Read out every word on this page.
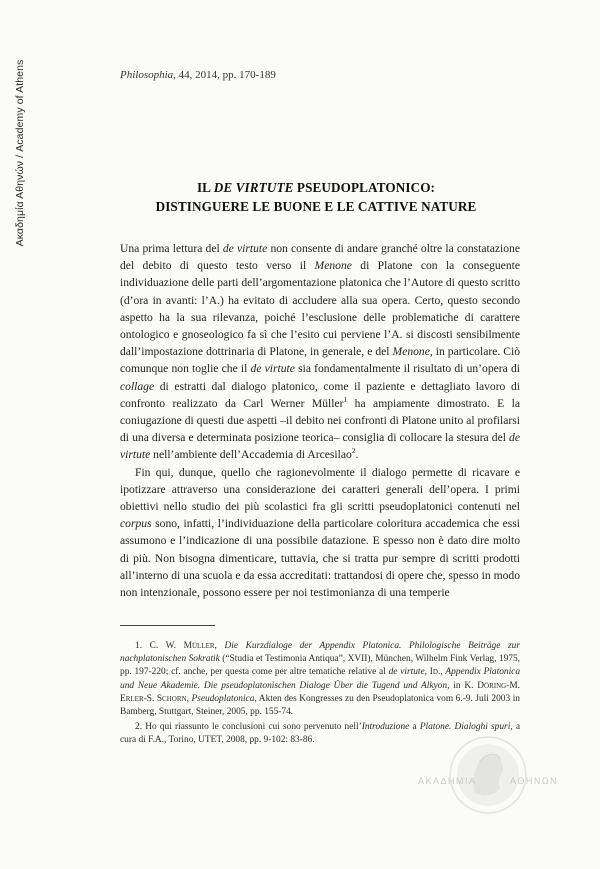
Ακαδημία Αθηνών / Academy of Athens	Philosophia, 44, 2014, pp. 170-189
IL DE VIRTUTE PSEUDOPLATONICO:
DISTINGUERE LE BUONE E LE CATTIVE NATURE

Una prima lettura del de virtute non consente di andare granché oltre la constatazione del debito di questo testo verso il Menone di Platone con la conseguente individuazione delle parti dell’argomentazione platonica che l’Autore di questo scritto (d’ora in avanti: l’A.) ha evitato di accludere alla sua opera. Certo, questo secondo aspetto ha la sua rilevanza, poiché l’esclusione delle problematiche di carattere ontologico e gnoseologico fa sì che l’esito cui perviene l’A. si discosti sensibilmente dall’impostazione dottrinaria di Platone, in generale, e del Menone, in particolare. Ciò comunque non toglie che il de virtute sia fondamentalmente il risultato di un’opera di collage di estratti dal dialogo platonico, come il paziente e dettagliato lavoro di confronto realizzato da Carl Werner Müller$^1$ ha ampiamente dimostrato. E la coniugazione di questi due aspetti –il debito nei confronti di Platone unito al profilarsi di una diversa e determinata posizione teorica– consiglia di collocare la stesura del de virtute nell’ambiente dell’Accademia di Arcesilao$^2$.

Fin qui, dunque, quello che ragionevolmente il dialogo permette di ricavare e ipotizzare attraverso una considerazione dei caratteri generali dell’opera. I primi obiettivi nello studio dei più scolastici fra gli scritti pseudoplatonici contenuti nel corpus sono, infatti, l’individuazione della particolare coloritura accademica che essi assumono e l’indicazione di una possibile datazione. E spesso non è dato dire molto di più. Non bisogna dimenticare, tuttavia, che si tratta pur sempre di scritti prodotti all’interno di una scuola e da essa accreditati: trattandosi di opere che, spesso in modo non intenzionale, possono essere per noi testimonianza di una temperie

1. C. W. Müller, Die Kurzdialoge der Appendix Platonica. Philologische Beiträge zur nachplatonischen Sokratik (“Studia et Testimonia Antiqua”, XVII), München, Wilhelm Fink Verlag, 1975, pp. 197-220; cf. anche, per questa come per altre tematiche relative al de virtute, Id., Appendix Platonica und Neue Akademie. Die pseudoplatonischen Dialoge Über die Tugend und Alkyon, in K. Döring-M. Erler-S. Schorn, Pseudoplatonica, Akten des Kongresses zu den Pseudoplatonica vom 6.-9. Juli 2003 in Bamberg, Stuttgart, Steiner, 2005, pp. 155-74.

2. Ho qui riassunto le conclusioni cui sono pervenuto nell’Introduzione a Platone. Dialoghi spuri, a cura di F.A., Torino, UTET, 2008, pp. 9-102: 83-86.

ΑΚΑΔΗΜΙΑ	ΑΘΗΝΩΝ
